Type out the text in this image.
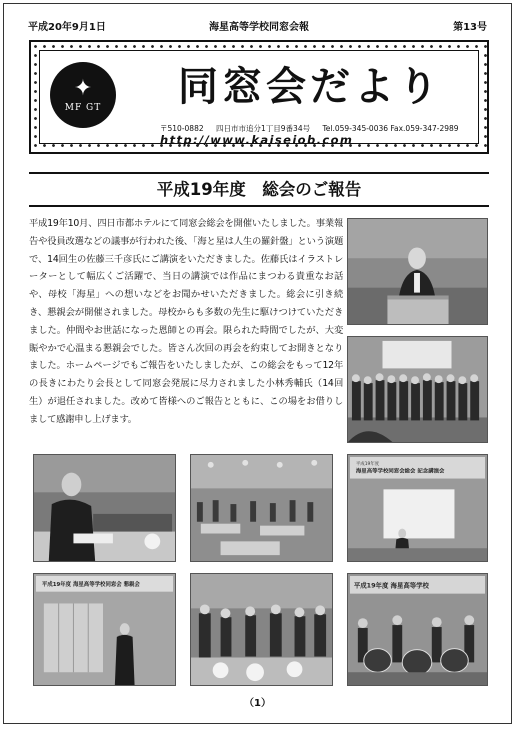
平成20年9月1日	海星高等学校同窓会報	第13号
✦
MF GT 同窓会だより
〒510-0882 四日市市追分1丁目9番34号 Tel.059-345-0036 Fax.059-347-2989
http://www.kaiseiob.com
平成19年度　総会のご報告
平成19年10月、四日市都ホテルにて同窓会総会を開催いたしました。事業報告や役員改選などの議事が行われた後、「海と星は人生の羅針盤」という演題で、14回生の佐藤三千彦氏にご講演をいただきました。佐藤氏はイラストレーターとして幅広くご活躍で、当日の講演では作品にまつわる貴重なお話や、母校「海星」への想いなどをお聞かせいただきました。総会に引き続き、懇親会が開催されました。母校からも多数の先生に駆けつけていただきました。仲間やお世話になった恩師との再会。限られた時間でしたが、大変賑やかで心温まる懇親会でした。皆さん次回の再会を約束してお開きとなりました。ホームページでもご報告をいたしましたが、この総会をもって12年の長きにわたり会長として同窓会発展に尽力されました小林秀輔氏（14回生）が退任されました。改めて皆様へのご報告とともに、この場をお借りしまして感謝申し上げます。
平成19年度
海星高等学校同窓会総会 記念講演会
平成19年度 海星高等学校同窓会 懇親会	平成19年度 海星高等学校
（1）
